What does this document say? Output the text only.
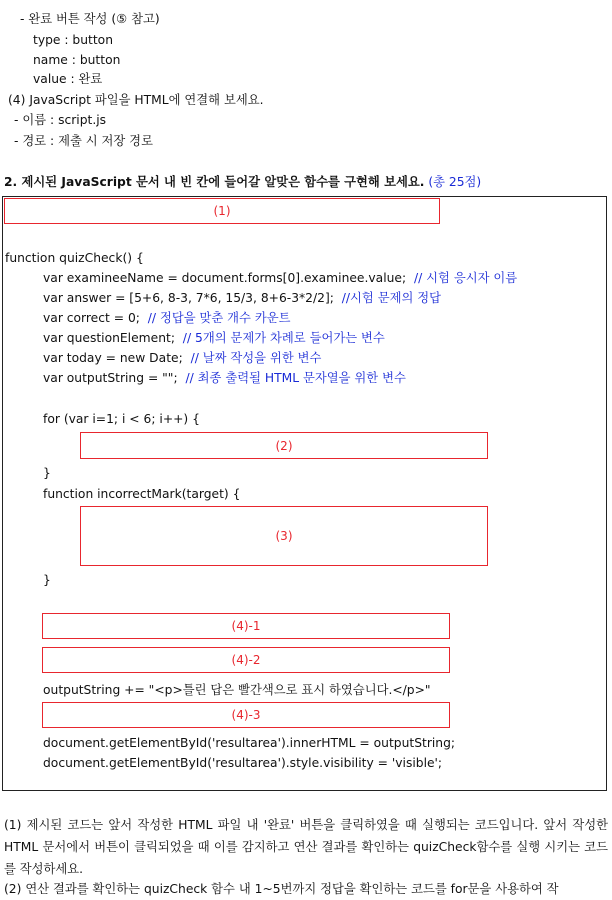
- 완료 버튼 작성 (⑤ 참고)
type : button
name : button
value : 완료
(4) JavaScript 파일을 HTML에 연결해 보세요.
- 이름 : script.js
- 경로 : 제출 시 저장 경로
2. 제시된 JavaScript 문서 내 빈 칸에 들어갈 알맞은 함수를 구현해 보세요. (총 25점)
(1)
function quizCheck() {
var examineeName = document.forms[0].examinee.value; // 시험 응시자 이름
var answer = [5+6, 8-3, 7*6, 15/3, 8+6-3*2/2]; //시험 문제의 정답
var correct = 0; // 정답을 맞춘 개수 카운트
var questionElement; // 5개의 문제가 차례로 들어가는 변수
var today = new Date; // 날짜 작성을 위한 변수
var outputString = ""; // 최종 출력될 HTML 문자열을 위한 변수
for (var i=1; i < 6; i++) {
(2)
}
function incorrectMark(target) {
(3)
}
(4)-1
(4)-2
outputString += "<p>틀린 답은 빨간색으로 표시 하였습니다.</p>"
(4)-3
document.getElementById('resultarea').innerHTML = outputString;
document.getElementById('resultarea').style.visibility = 'visible';
(1) 제시된 코드는 앞서 작성한 HTML 파일 내 '완료' 버튼을 클릭하였을 때 실행되는 코드입니다. 앞서 작성한 HTML 문서에서 버튼이 클릭되었을 때 이를 감지하고 연산 결과를 확인하는 quizCheck함수를 실행 시키는 코드를 작성하세요.
(2) 연산 결과를 확인하는 quizCheck 함수 내 1~5번까지 정답을 확인하는 코드를 for문을 사용하여 작
